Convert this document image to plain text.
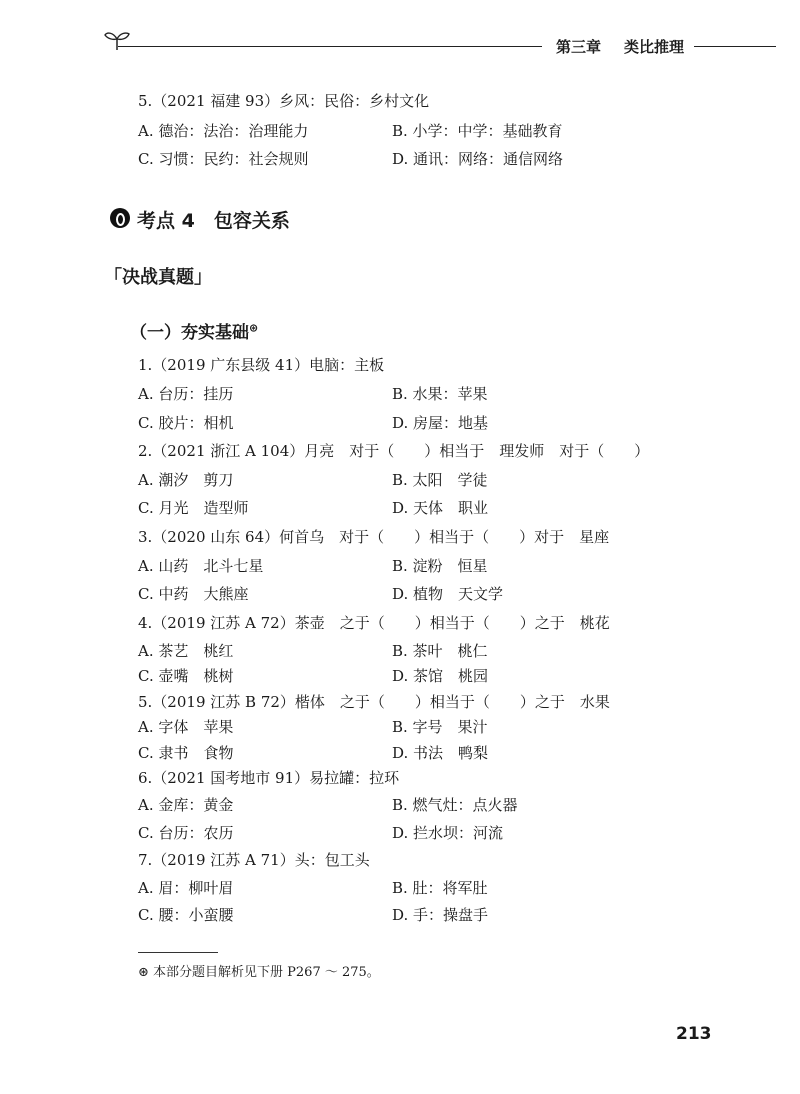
第三章 类比推理
5.（2021 福建 93）乡风：民俗：乡村文化
A. 德治：法治：治理能力	B. 小学：中学：基础教育
C. 习惯：民约：社会规则	D. 通讯：网络：通信网络
考点 4　包容关系
「决战真题」
（一）夯实基础⊛
1.（2019 广东县级 41）电脑：主板
A. 台历：挂历	B. 水果：苹果
C. 胶片：相机	D. 房屋：地基
2.（2021 浙江 A 104）月亮　对于（　　）相当于　理发师　对于（　　）
A. 潮汐　剪刀	B. 太阳　学徒
C. 月光　造型师	D. 天体　职业
3.（2020 山东 64）何首乌　对于（　　）相当于（　　）对于　星座
A. 山药　北斗七星	B. 淀粉　恒星
C. 中药　大熊座	D. 植物　天文学
4.（2019 江苏 A 72）茶壶　之于（　　）相当于（　　）之于　桃花
A. 茶艺　桃红	B. 茶叶　桃仁
C. 壶嘴　桃树	D. 茶馆　桃园
5.（2019 江苏 B 72）楷体　之于（　　）相当于（　　）之于　水果
A. 字体　苹果	B. 字号　果汁
C. 隶书　食物	D. 书法　鸭梨
6.（2021 国考地市 91）易拉罐：拉环
A. 金库：黄金	B. 燃气灶：点火器
C. 台历：农历	D. 拦水坝：河流
7.（2019 江苏 A 71）头：包工头
A. 眉：柳叶眉	B. 肚：将军肚
C. 腰：小蛮腰	D. 手：操盘手
⊛ 本部分题目解析见下册 P267 ～ 275。
213
